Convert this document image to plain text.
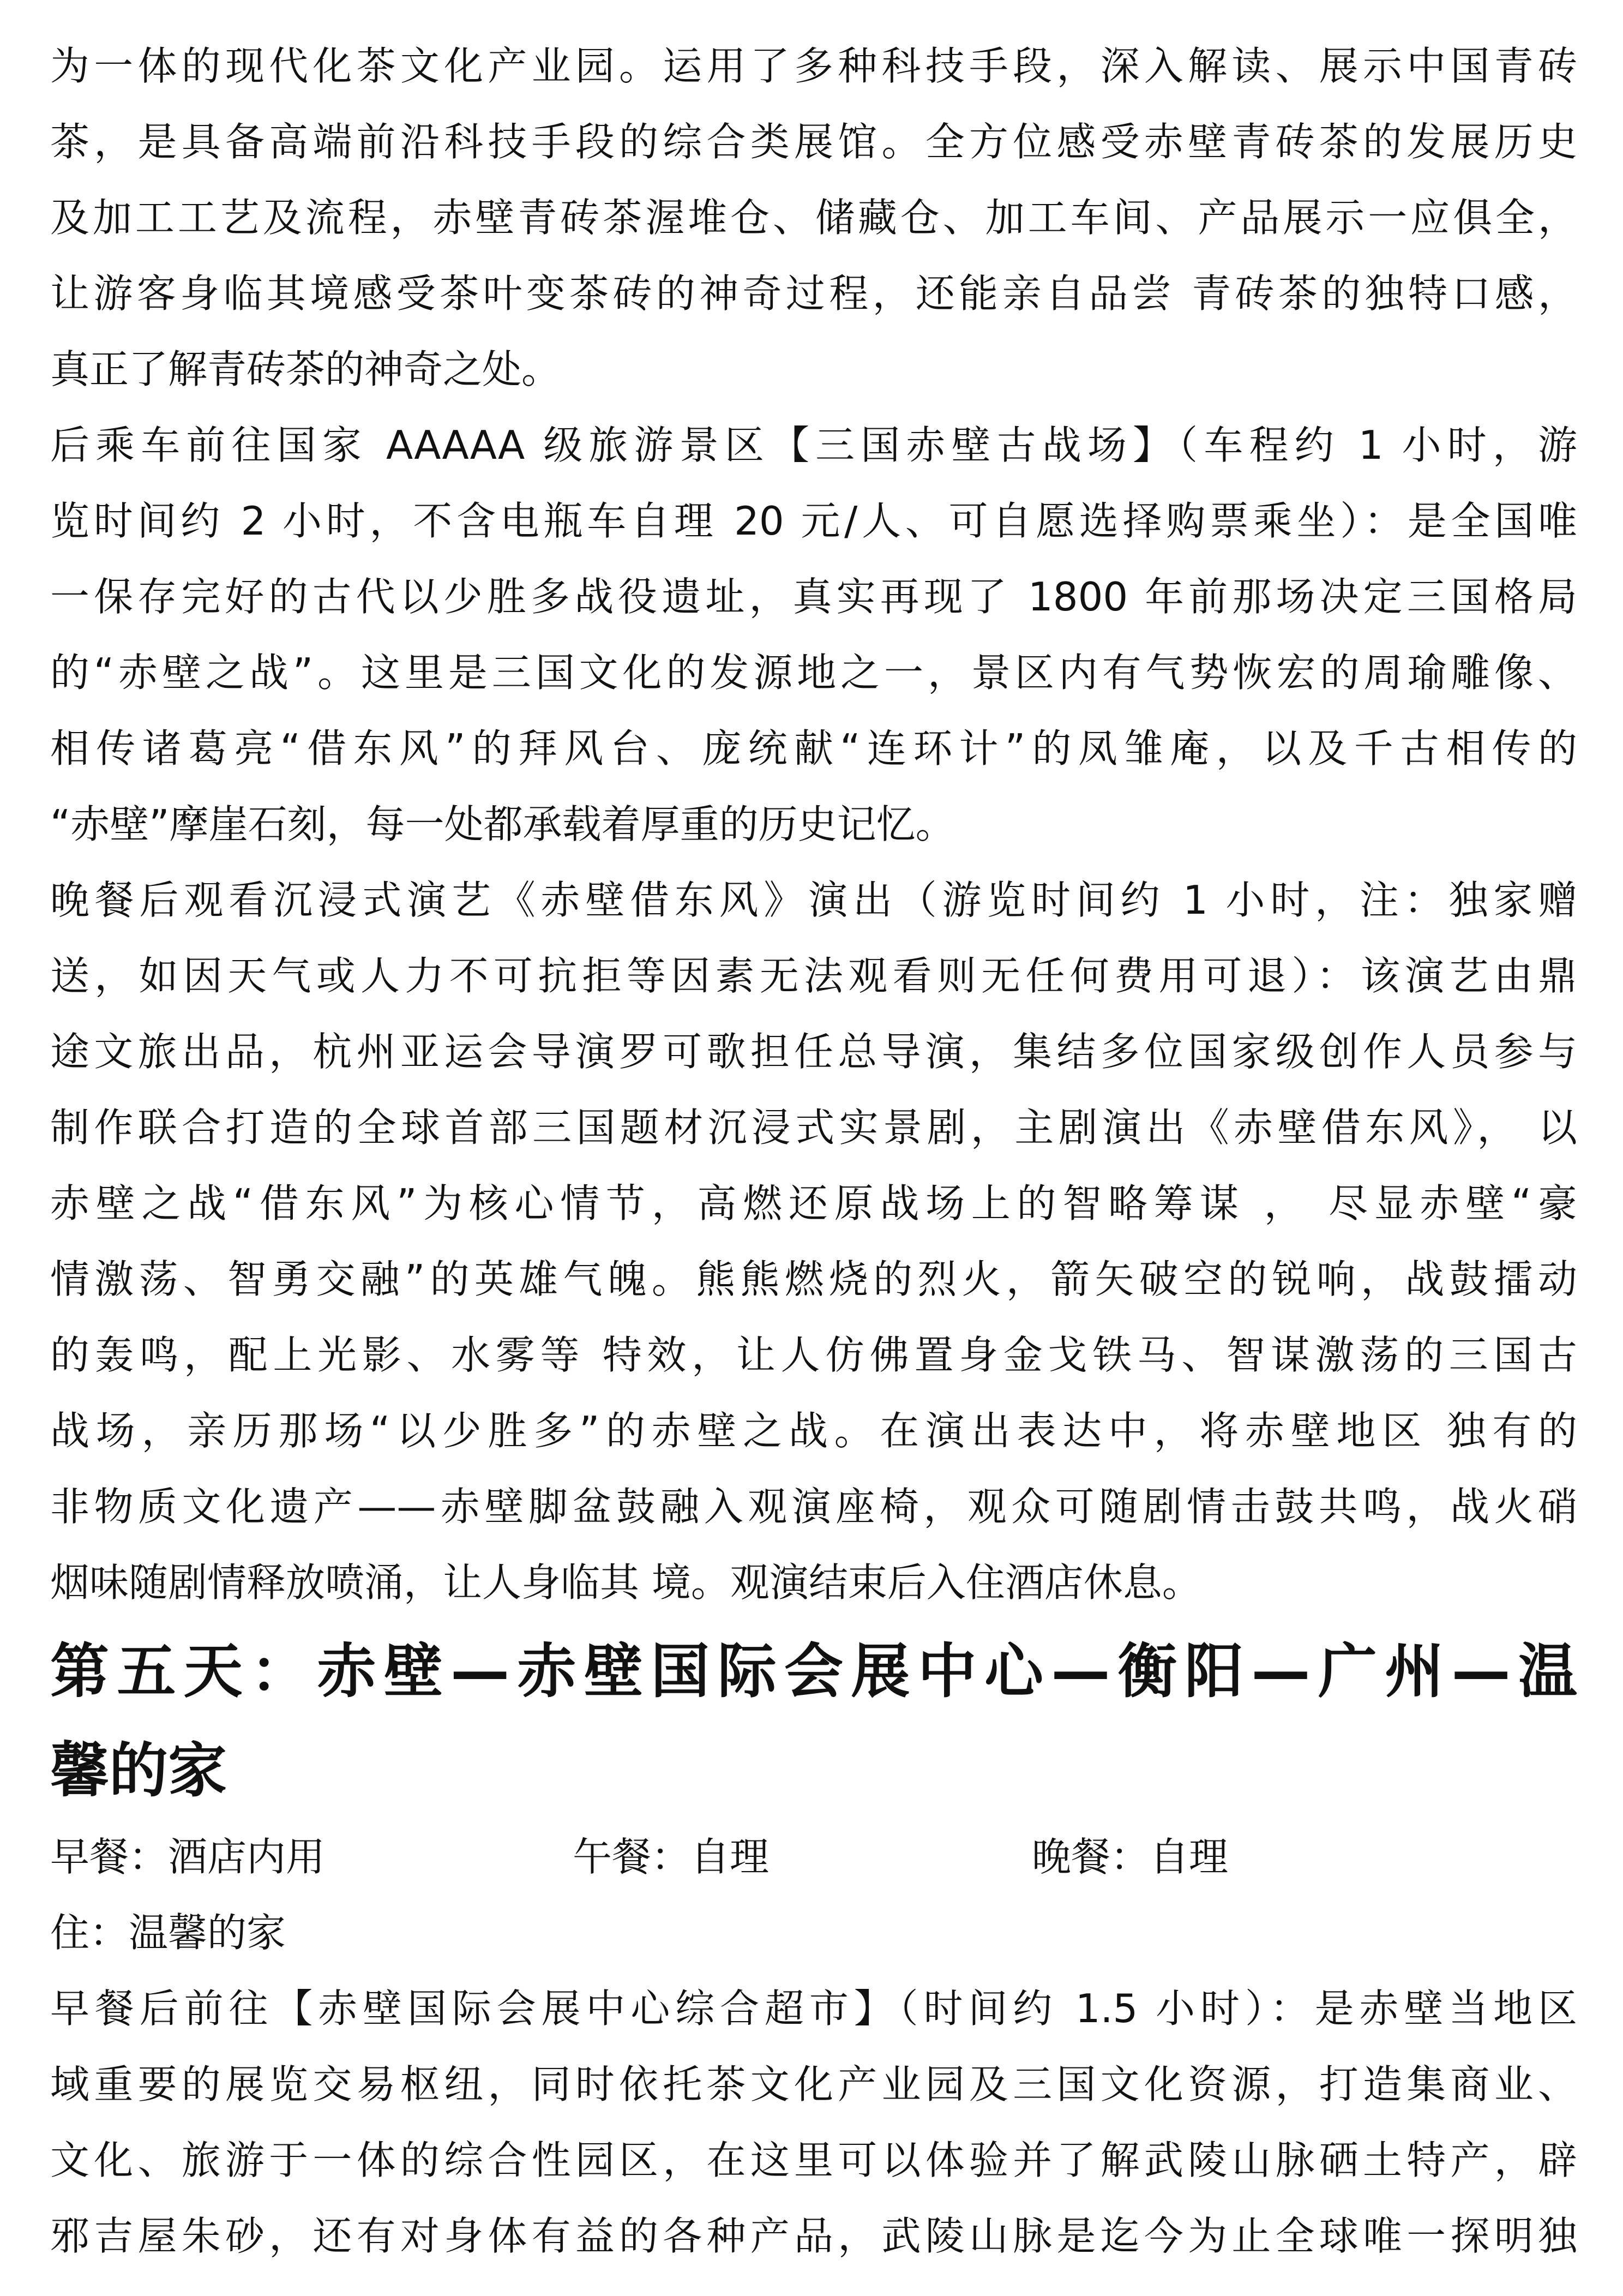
为一体的现代化茶文化产业园。运用了多种科技手段，深入解读、展示中国青砖
茶，是具备高端前沿科技手段的综合类展馆。全方位感受赤壁青砖茶的发展历史
及加工工艺及流程，赤壁青砖茶渥堆仓、储藏仓、加工车间、产品展示一应俱全，
让游客身临其境感受茶叶变茶砖的神奇过程，还能亲自品尝 青砖茶的独特口感，
真正了解青砖茶的神奇之处。
后乘车前往国家 AAAAA 级旅游景区【三国赤壁古战场】（车程约 1 小时，游
览时间约 2 小时，不含电瓶车自理 20 元/人、可自愿选择购票乘坐）：是全国唯
一保存完好的古代以少胜多战役遗址，真实再现了 1800 年前那场决定三国格局
的“赤壁之战”。这里是三国文化的发源地之一，景区内有气势恢宏的周瑜雕像、
相传诸葛亮“借东风”的拜风台、庞统献“连环计”的凤雏庵，以及千古相传的
“赤壁”摩崖石刻，每一处都承载着厚重的历史记忆。
晚餐后观看沉浸式演艺《赤壁借东风》演出（游览时间约 1 小时，注：独家赠
送，如因天气或人力不可抗拒等因素无法观看则无任何费用可退）：该演艺由鼎
途文旅出品，杭州亚运会导演罗可歌担任总导演，集结多位国家级创作人员参与
制作联合打造的全球首部三国题材沉浸式实景剧，主剧演出《赤壁借东风》， 以
赤壁之战“借东风”为核心情节，高燃还原战场上的智略筹谋 ， 尽显赤壁“豪
情激荡、智勇交融”的英雄气魄。熊熊燃烧的烈火，箭矢破空的锐响，战鼓擂动
的轰鸣，配上光影、水雾等 特效，让人仿佛置身金戈铁马、智谋激荡的三国古
战场，亲历那场“以少胜多”的赤壁之战。在演出表达中，将赤壁地区 独有的
非物质文化遗产——赤壁脚盆鼓融入观演座椅，观众可随剧情击鼓共鸣，战火硝
烟味随剧情释放喷涌，让人身临其 境。观演结束后入住酒店休息。
第五天：赤壁—赤壁国际会展中心—衡阳—广州—温
馨的家
早餐：酒店内用	午餐：自理	晚餐：自理
住：温馨的家
早餐后前往【赤壁国际会展中心综合超市】（时间约 1.5 小时）：是赤壁当地区
域重要的展览交易枢纽，同时依托茶文化产业园及三国文化资源，打造集商业、
文化、旅游于一体的综合性园区，在这里可以体验并了解武陵山脉硒土特产，辟
邪吉屋朱砂，还有对身体有益的各种产品，武陵山脉是迄今为止全球唯一探明独
